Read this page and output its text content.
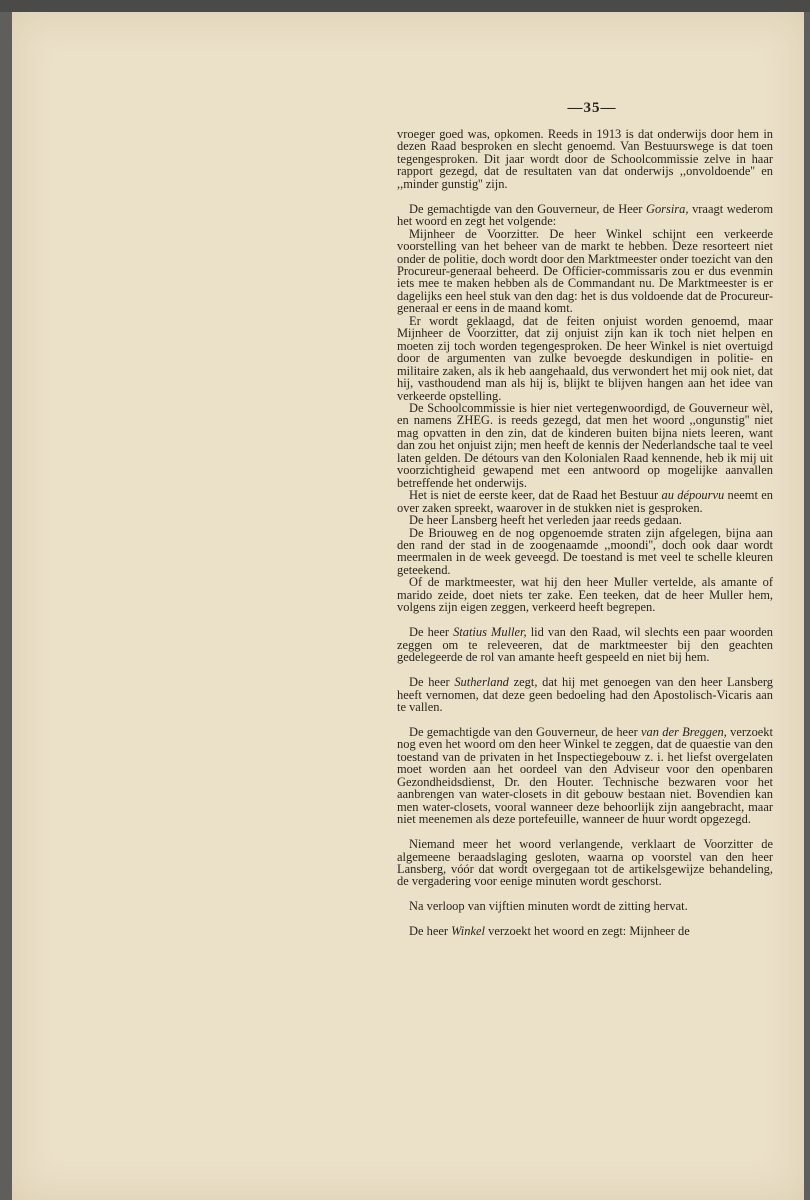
—35—

vroeger goed was, opkomen. Reeds in 1913 is dat onderwijs door hem in dezen Raad besproken en slecht genoemd. Van Bestuurswege is dat toen tegengesproken. Dit jaar wordt door de Schoolcommissie zelve in haar rapport gezegd, dat de resultaten van dat onderwijs ,,onvoldoende'' en ,,minder gunstig'' zijn.

De gemachtigde van den Gouverneur, de Heer Gorsira, vraagt wederom het woord en zegt het volgende:

Mijnheer de Voorzitter. De heer Winkel schijnt een verkeerde voorstelling van het beheer van de markt te hebben. Deze resorteert niet onder de politie, doch wordt door den Marktmeester onder toezicht van den Procureur-generaal beheerd. De Officier-commissaris zou er dus evenmin iets mee te maken hebben als de Commandant nu. De Marktmeester is er dagelijks een heel stuk van den dag: het is dus voldoende dat de Procureur-generaal er eens in de maand komt.

Er wordt geklaagd, dat de feiten onjuist worden genoemd, maar Mijnheer de Voorzitter, dat zij onjuist zijn kan ik toch niet helpen en moeten zij toch worden tegengesproken. De heer Winkel is niet overtuigd door de argumenten van zulke bevoegde deskundigen in politie- en militaire zaken, als ik heb aangehaald, dus verwondert het mij ook niet, dat hij, vasthoudend man als hij is, blijkt te blijven hangen aan het idee van verkeerde opstelling.

De Schoolcommissie is hier niet vertegenwoordigd, de Gouverneur wèl, en namens ZHEG. is reeds gezegd, dat men het woord ,,ongunstig'' niet mag opvatten in den zin, dat de kinderen buiten bijna niets leeren, want dan zou het onjuist zijn; men heeft de kennis der Nederlandsche taal te veel laten gelden. De détours van den Kolonialen Raad kennende, heb ik mij uit voorzichtigheid gewapend met een antwoord op mogelijke aanvallen betreffende het onderwijs.

Het is niet de eerste keer, dat de Raad het Bestuur au dépourvu neemt en over zaken spreekt, waarover in de stukken niet is gesproken.

De heer Lansberg heeft het verleden jaar reeds gedaan.

De Briouweg en de nog opgenoemde straten zijn afgelegen, bijna aan den rand der stad in de zoogenaamde ,,moondi'', doch ook daar wordt meermalen in de week geveegd. De toestand is met veel te schelle kleuren geteekend.

Of de marktmeester, wat hij den heer Muller vertelde, als amante of marido zeide, doet niets ter zake. Een teeken, dat de heer Muller hem, volgens zijn eigen zeggen, verkeerd heeft begrepen.

De heer Statius Muller, lid van den Raad, wil slechts een paar woorden zeggen om te releveeren, dat de marktmeester bij den geachten gedelegeerde de rol van amante heeft gespeeld en niet bij hem.

De heer Sutherland zegt, dat hij met genoegen van den heer Lansberg heeft vernomen, dat deze geen bedoeling had den Apostolisch-Vicaris aan te vallen.

De gemachtigde van den Gouverneur, de heer van der Breggen, verzoekt nog even het woord om den heer Winkel te zeggen, dat de quaestie van den toestand van de privaten in het Inspectiegebouw z. i. het liefst overgelaten moet worden aan het oordeel van den Adviseur voor den openbaren Gezondheidsdienst, Dr. den Houter. Technische bezwaren voor het aanbrengen van water-closets in dit gebouw bestaan niet. Bovendien kan men water-closets, vooral wanneer deze behoorlijk zijn aangebracht, maar niet meenemen als deze portefeuille, wanneer de huur wordt opgezegd.

Niemand meer het woord verlangende, verklaart de Voorzitter de algemeene beraadslaging gesloten, waarna op voorstel van den heer Lansberg, vóór dat wordt overgegaan tot de artikelsgewijze behandeling, de vergadering voor eenige minuten wordt geschorst.

Na verloop van vijftien minuten wordt de zitting hervat.

De heer Winkel verzoekt het woord en zegt: Mijnheer de
